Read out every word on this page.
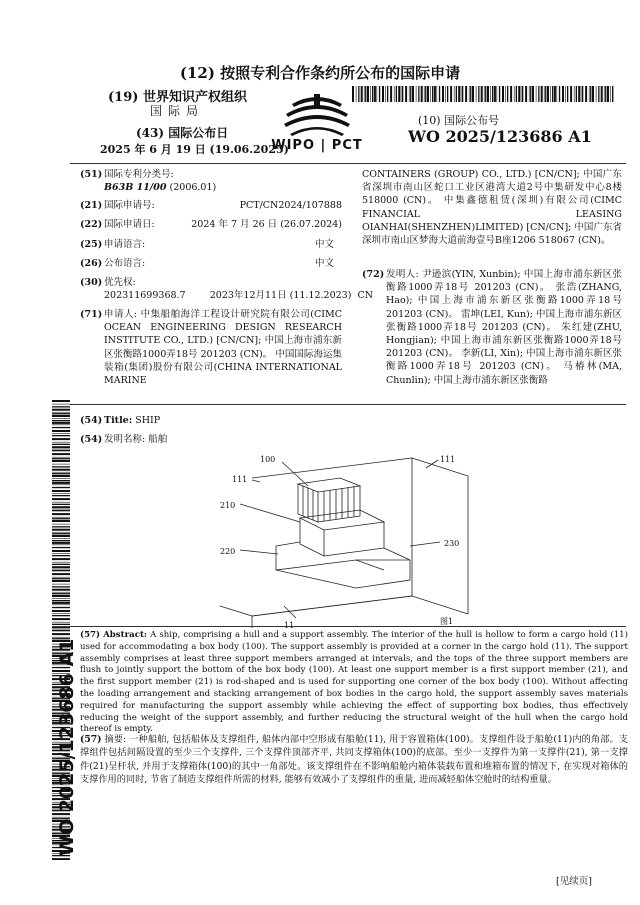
(12) 按照专利合作条约所公布的国际申请
(19) 世界知识产权组织
国际局
(43) 国际公布日
2025 年 6 月 19 日 (19.06.2025)
WIPO | PCT
(10) 国际公布号
WO 2025/123686 A1
(51) 国际专利分类号:
B63B 11/00 (2006.01)
(21) 国际申请号:	PCT/CN2024/107888
(22) 国际申请日:	2024 年 7 月 26 日 (26.07.2024)
(25) 申请语言:	中文
(26) 公布语言:	中文
(30) 优先权:
202311699368.7        2023年12月11日 (11.12.2023)  CN
(71) 申请人: 中集船舶海洋工程设计研究院有限公司(CIMC OCEAN ENGINEERING DESIGN RESEARCH INSTITUTE CO., LTD.) [CN/CN]; 中国上海市浦东新区张衡路1000弄18号 201203 (CN)。 中国国际海运集装箱(集团)股份有限公司(CHINA INTERNATIONAL MARINE
CONTAINERS (GROUP) CO., LTD.) [CN/CN]; 中国广东省深圳市南山区蛇口工业区港湾大道2号中集研发中心8楼 518000 (CN)。 中集鑫德租赁(深圳)有限公司(CIMC FINANCIAL LEASING OIANHAI(SHENZHEN)LIMITED) [CN/CN]; 中国广东省深圳市南山区梦海大道前海壹号B座1206 518067 (CN)。
(72) 发明人: 尹逊滨(YIN, Xunbin); 中国上海市浦东新区张衡路1000弄18号 201203 (CN)。 张浩(ZHANG, Hao); 中国上海市浦东新区张衡路1000弄18号 201203 (CN)。 雷坤(LEI, Kun); 中国上海市浦东新区张衡路1000弄18号 201203 (CN)。 朱红建(ZHU, Hongjian); 中国上海市浦东新区张衡路1000弄18号 201203 (CN)。 李新(LI, Xin); 中国上海市浦东新区张衡路1000弄18号 201203 (CN)。 马椿林(MA, Chunlin); 中国上海市浦东新区张衡路
WO 2025/123686 A1
(54) Title: SHIP
(54) 发明名称: 船舶
100	111
111
210
220
230
图1
(57) Abstract: A ship, comprising a hull and a support assembly. The interior of the hull is hollow to form a cargo hold (11) used for accommodating a box body (100). The support assembly is provided at a corner in the cargo hold (11). The support assembly comprises at least three support members arranged at intervals, and the tops of the three support members are flush to jointly support the bottom of the box body (100). At least one support member is a first support member (21), and the first support member (21) is rod-shaped and is used for supporting one corner of the box body (100). Without affecting the loading arrangement and stacking arrangement of box bodies in the cargo hold, the support assembly saves materials required for manufacturing the support assembly while achieving the effect of supporting box bodies, thus effectively reducing the weight of the support assembly, and further reducing the structural weight of the hull when the cargo hold thereof is empty.
(57) 摘要: 一种船舶, 包括船体及支撑组件, 船体内部中空形成有船舱(11), 用于容置箱体(100)。支撑组件设于船舱(11)内的角部。支撑组件包括间隔设置的至少三个支撑件, 三个支撑件顶部齐平, 共同支撑箱体(100)的底部。至少一支撑件为第一支撑件(21), 第一支撑件(21)呈杆状, 并用于支撑箱体(100)的其中一角部处。该支撑组件在不影响船舱内箱体装载布置和堆箱布置的情况下, 在实现对箱体的支撑作用的同时, 节省了制造支撑组件所需的材料, 能够有效减小了支撑组件的重量, 进而减轻船体空舱时的结构重量。
[见续页]
